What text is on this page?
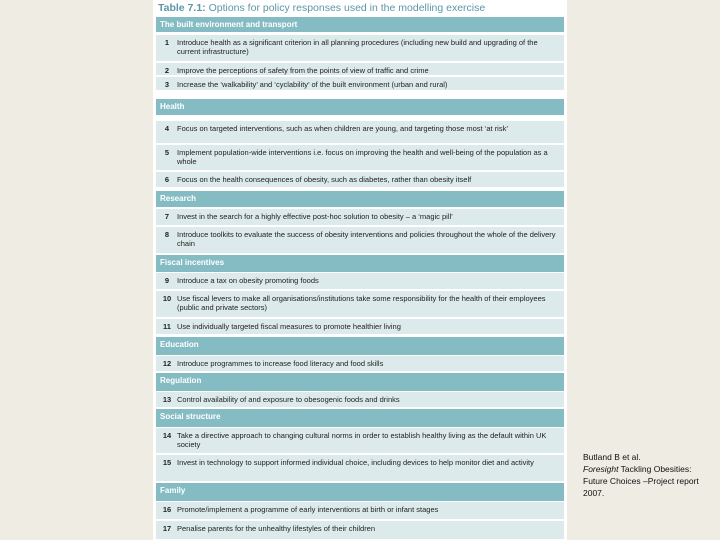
Table 7.1: Options for policy responses used in the modelling exercise
The built environment and transport
1	Introduce health as a significant criterion in all planning procedures (including new build and upgrading of the current infrastructure)
2	Improve the perceptions of safety from the points of view of traffic and crime
3	Increase the ‘walkability’ and ‘cyclability’ of the built environment (urban and rural)
Health
4	Focus on targeted interventions, such as when children are young, and targeting those most ‘at risk’
5	Implement population-wide interventions i.e. focus on improving the health and well-being of the population as a whole
6	Focus on the health consequences of obesity, such as diabetes, rather than obesity itself
Research
7	Invest in the search for a highly effective post-hoc solution to obesity – a ‘magic pill’
8	Introduce toolkits to evaluate the success of obesity interventions and policies throughout the whole of the delivery chain
Fiscal incentives
9	Introduce a tax on obesity promoting foods
10 Use fiscal levers to make all organisations/institutions take some responsibility for the health of their employees (public and private sectors)
11 Use individually targeted fiscal measures to promote healthier living
Education
12 Introduce programmes to increase food literacy and food skills
Regulation
13 Control availability of and exposure to obesogenic foods and drinks
Social structure
14 Take a directive approach to changing cultural norms in order to establish healthy living as the default within UK society
15 Invest in technology to support informed individual choice, including devices to help monitor diet and activity
Family
16 Promote/implement a programme of early interventions at birth or infant stages
17 Penalise parents for the unhealthy lifestyles of their children
Butland B et al.
Foresight Tackling Obesities: Future Choices –Project report 2007.
